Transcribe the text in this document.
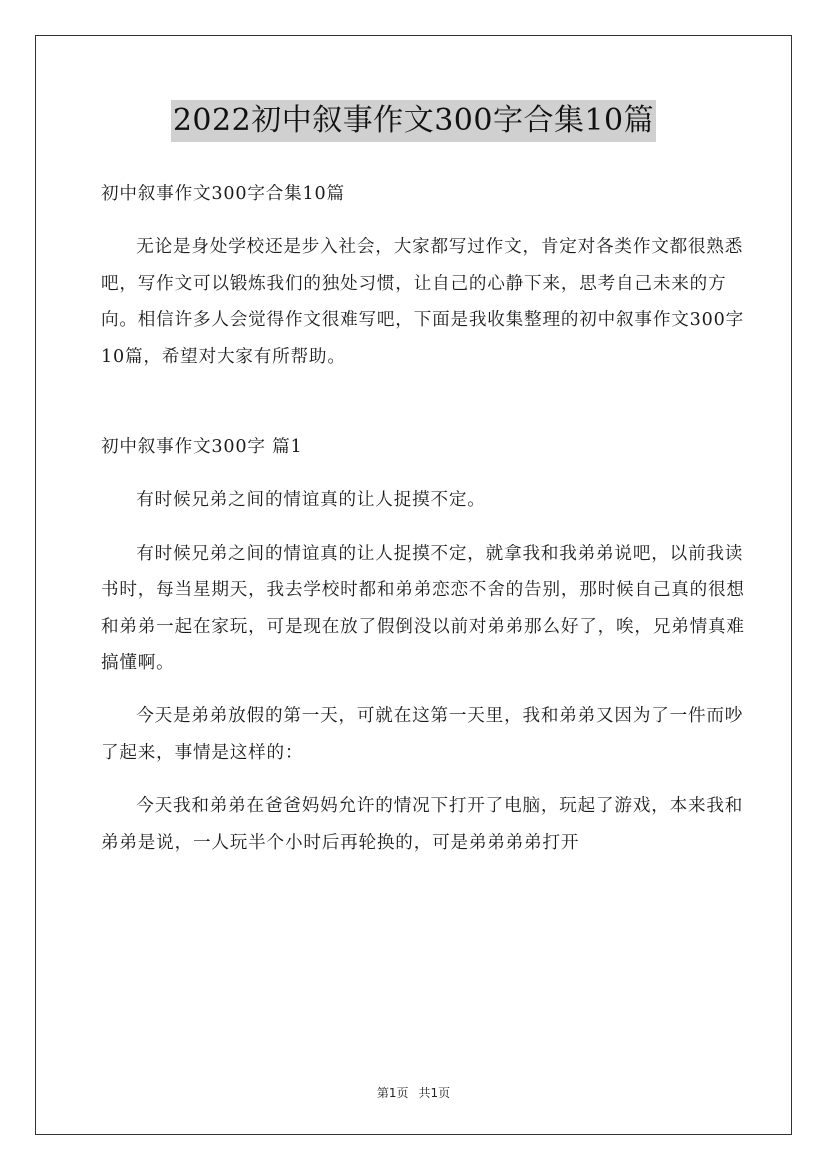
2022初中叙事作文300字合集10篇

初中叙事作文300字合集10篇

无论是身处学校还是步入社会，大家都写过作文，肯定对各类作文都很熟悉吧，写作文可以锻炼我们的独处习惯，让自己的心静下来，思考自己未来的方向。相信许多人会觉得作文很难写吧，下面是我收集整理的初中叙事作文300字10篇，希望对大家有所帮助。

初中叙事作文300字 篇1

有时候兄弟之间的情谊真的让人捉摸不定。

有时候兄弟之间的情谊真的让人捉摸不定，就拿我和我弟弟说吧，以前我读书时，每当星期天，我去学校时都和弟弟恋恋不舍的告别，那时候自己真的很想和弟弟一起在家玩，可是现在放了假倒没以前对弟弟那么好了，唉，兄弟情真难搞懂啊。

今天是弟弟放假的第一天，可就在这第一天里，我和弟弟又因为了一件而吵了起来，事情是这样的：

今天我和弟弟在爸爸妈妈允许的情况下打开了电脑，玩起了游戏，本来我和弟弟是说，一人玩半个小时后再轮换的，可是弟弟弟弟打开

第1页 共1页
